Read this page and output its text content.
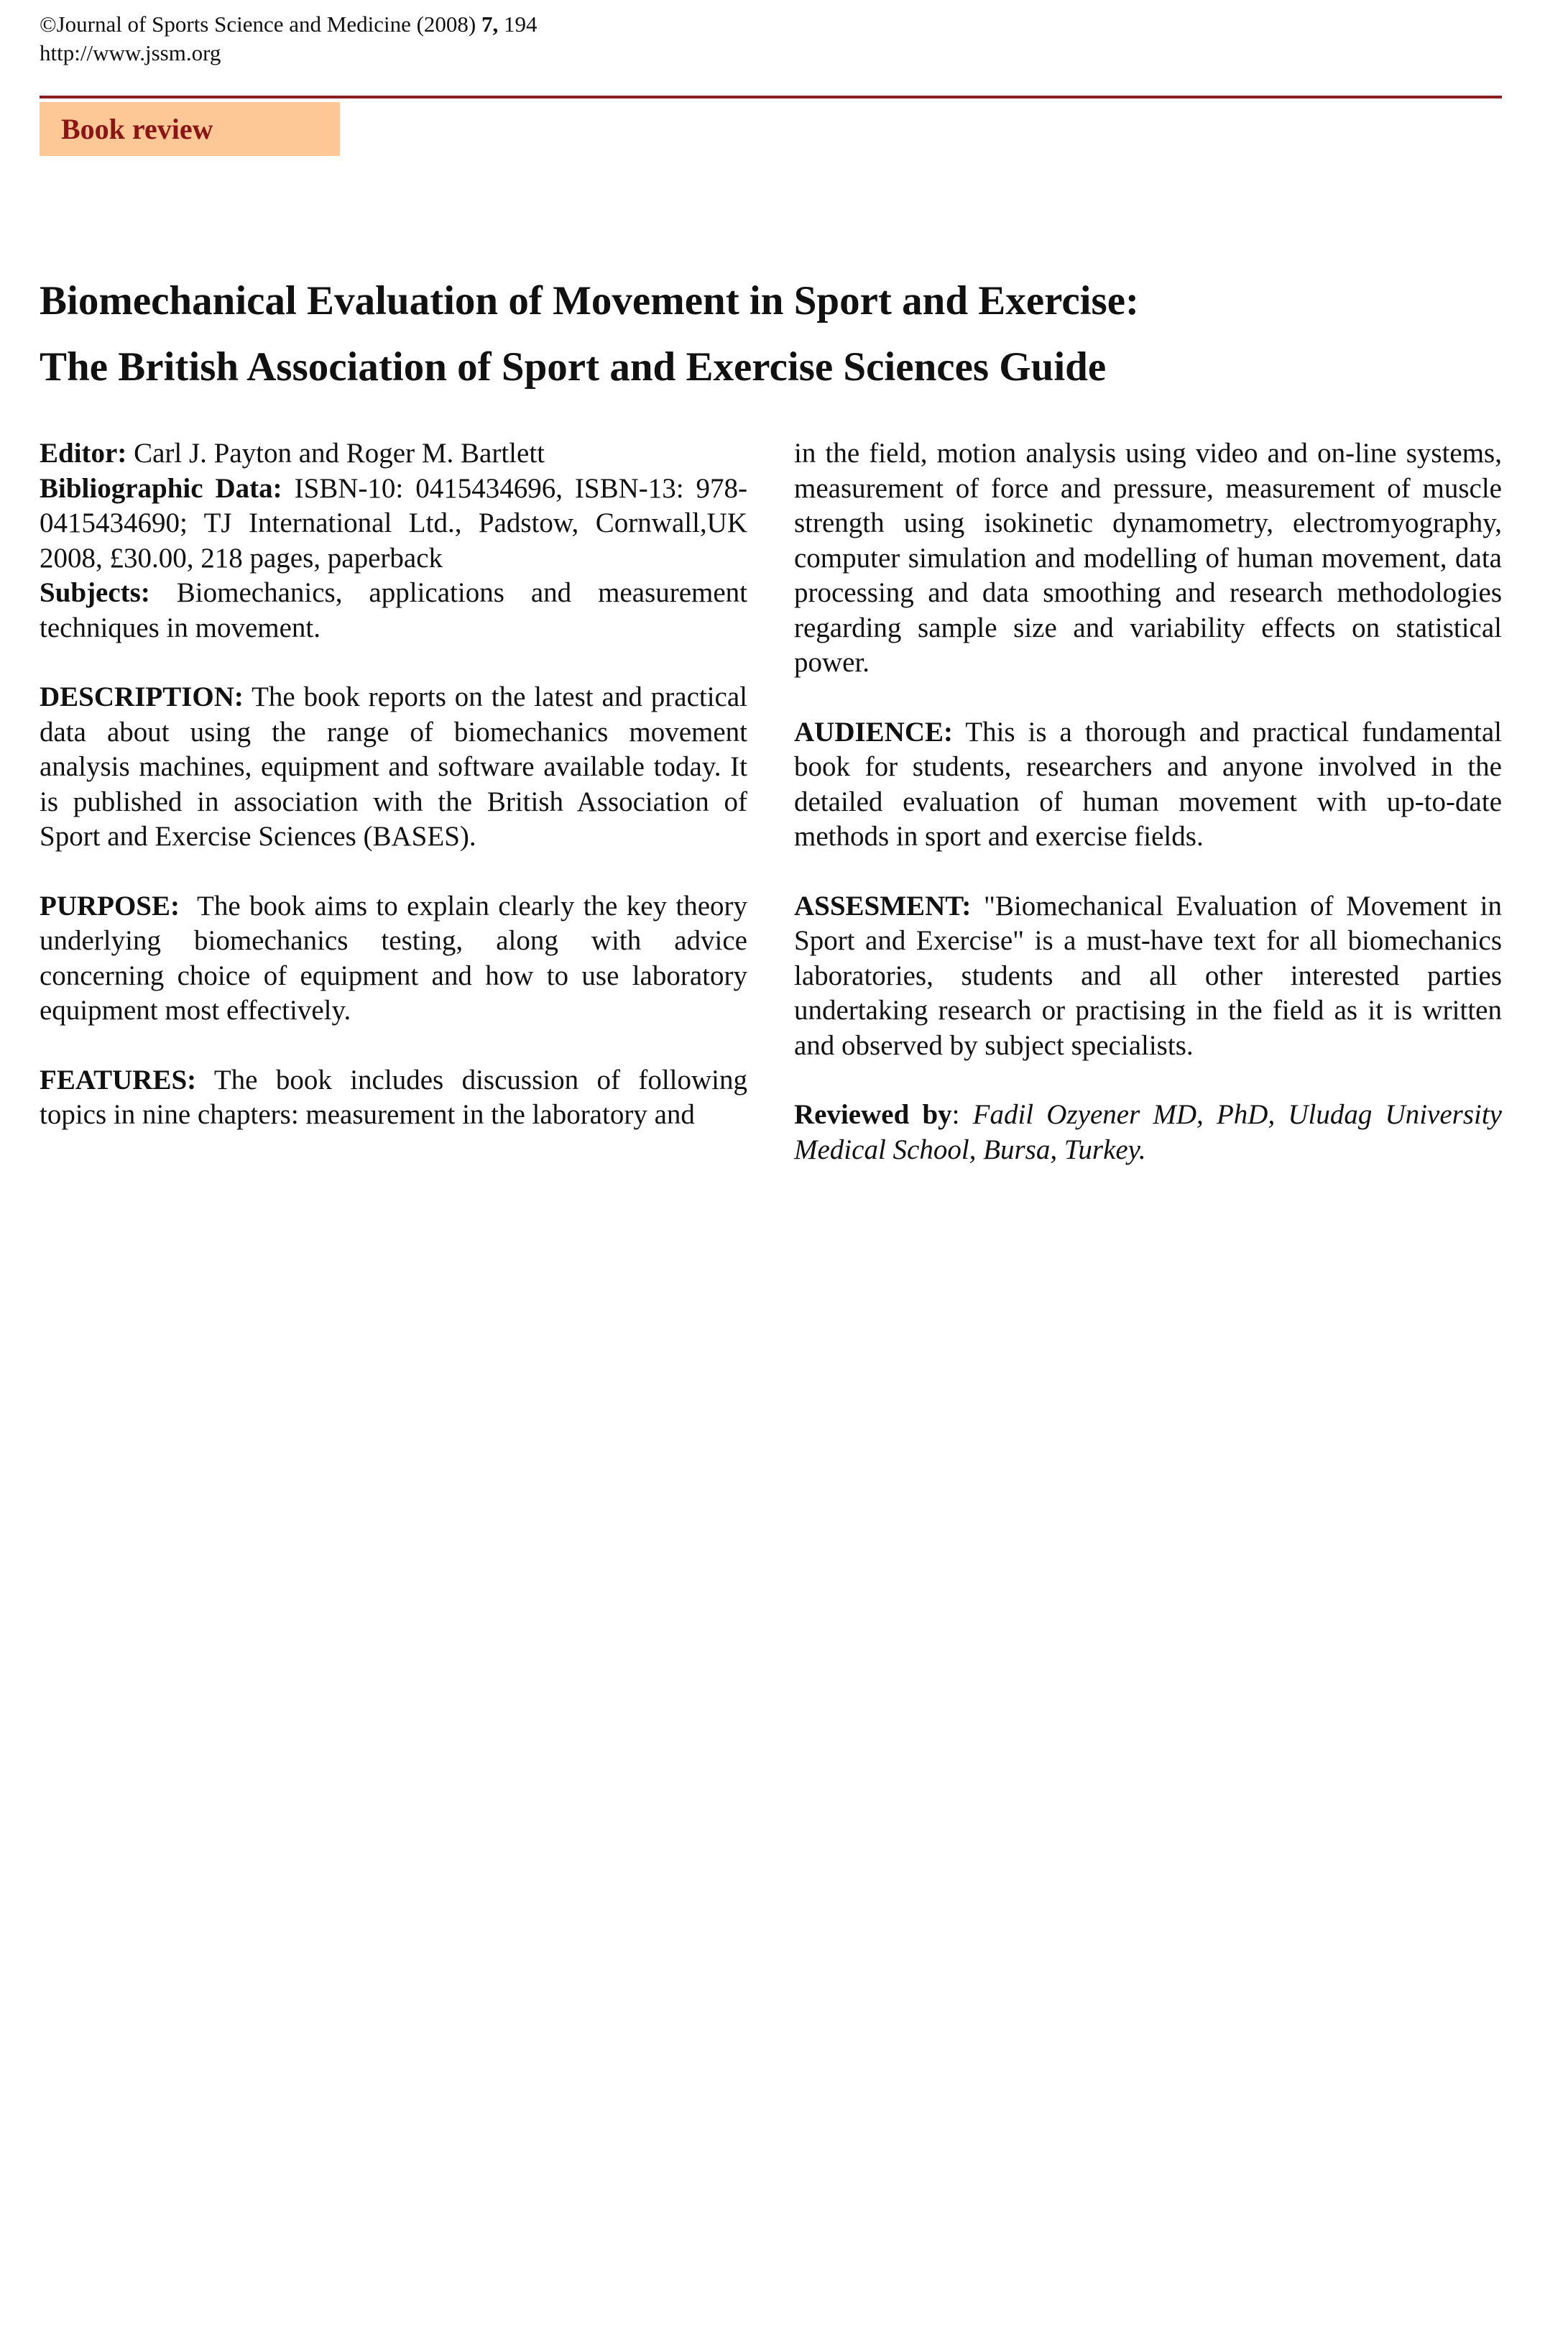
©Journal of Sports Science and Medicine (2008) 7, 194
http://www.jssm.org
Book review
Biomechanical Evaluation of Movement in Sport and Exercise:
The British Association of Sport and Exercise Sciences Guide

Editor: Carl J. Payton and Roger M. Bartlett

Bibliographic Data: ISBN-10: 0415434696, ISBN-13: 978-0415434690; TJ International Ltd., Padstow, Cornwall,UK 2008, £30.00, 218 pages, paperback

Subjects: Biomechanics, applications and measurement techniques in movement.

DESCRIPTION: The book reports on the latest and practical data about using the range of biomechanics movement analysis machines, equipment and software available today. It is published in association with the British Association of Sport and Exercise Sciences (BASES).

PURPOSE:  The book aims to explain clearly the key theory underlying biomechanics testing, along with advice concerning choice of equipment and how to use laboratory equipment most effectively.

FEATURES: The book includes discussion of following topics in nine chapters: measurement in the laboratory and

in the field, motion analysis using video and on-line systems, measurement of force and pressure, measurement of muscle strength using isokinetic dynamometry, electromyography, computer simulation and modelling of human movement, data processing and data smoothing and research methodologies regarding sample size and variability effects on statistical power.

AUDIENCE: This is a thorough and practical fundamental book for students, researchers and anyone involved in the detailed evaluation of human movement with up-to-date methods in sport and exercise fields.

ASSESMENT: "Biomechanical Evaluation of Movement in Sport and Exercise" is a must-have text for all biomechanics laboratories, students and all other interested parties undertaking research or practising in the field as it is written and observed by subject specialists.

Reviewed by: Fadil Ozyener MD, PhD, Uludag University Medical School, Bursa, Turkey.
